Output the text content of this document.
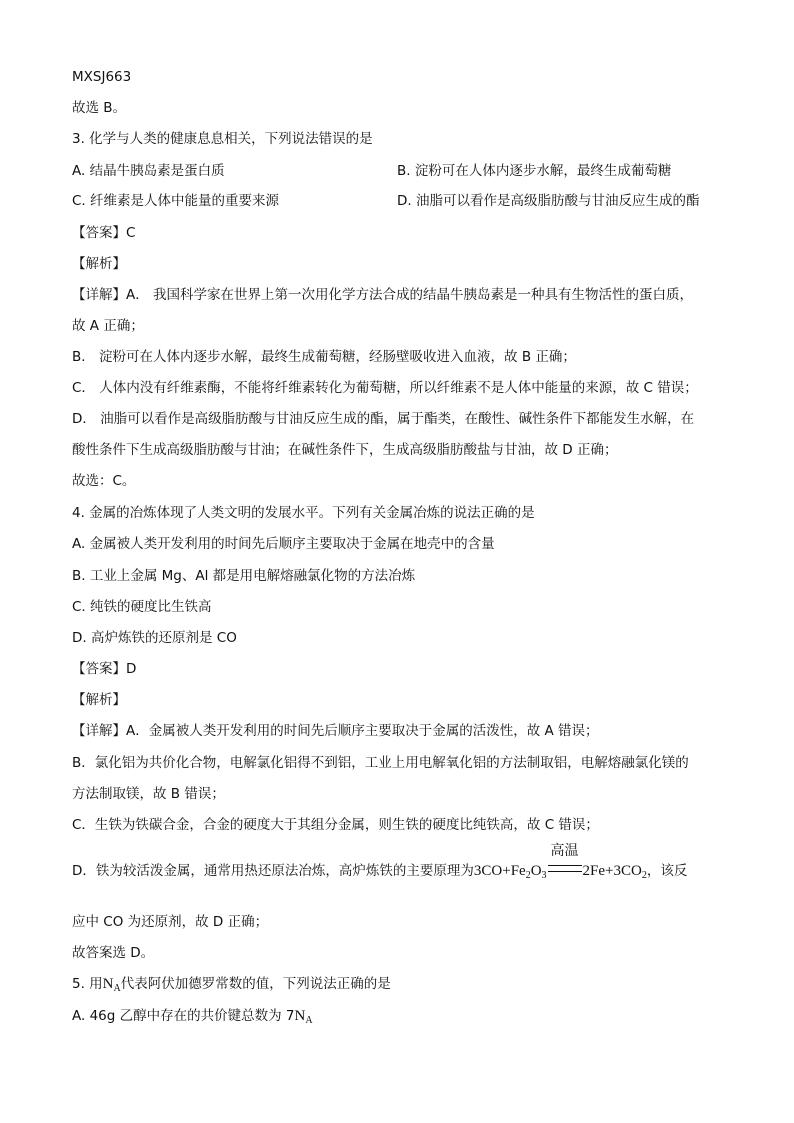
MXSJ663
故选 B。
3. 化学与人类的健康息息相关，下列说法错误的是
A. 结晶牛胰岛素是蛋白质	B. 淀粉可在人体内逐步水解，最终生成葡萄糖
C. 纤维素是人体中能量的重要来源	D. 油脂可以看作是高级脂肪酸与甘油反应生成的酯
【答案】C
【解析】
【详解】A． 我国科学家在世界上第一次用化学方法合成的结晶牛胰岛素是一种具有生物活性的蛋白质，
故 A 正确；
B． 淀粉可在人体内逐步水解，最终生成葡萄糖，经肠壁吸收进入血液，故 B 正确；
C． 人体内没有纤维素酶，不能将纤维素转化为葡萄糖，所以纤维素不是人体中能量的来源，故 C 错误；
D． 油脂可以看作是高级脂肪酸与甘油反应生成的酯，属于酯类，在酸性、碱性条件下都能发生水解，在
酸性条件下生成高级脂肪酸与甘油；在碱性条件下，生成高级脂肪酸盐与甘油，故 D 正确；
故选：C。
4. 金属的冶炼体现了人类文明的发展水平。下列有关金属冶炼的说法正确的是
A. 金属被人类开发利用的时间先后顺序主要取决于金属在地壳中的含量
B. 工业上金属 Mg、Al 都是用电解熔融氯化物的方法冶炼
C. 纯铁的硬度比生铁高
D. 高炉炼铁的还原剂是 CO
【答案】D
【解析】
【详解】A．金属被人类开发利用的时间先后顺序主要取决于金属的活泼性，故 A 错误；
B．氯化铝为共价化合物，电解氯化铝得不到铝，工业上用电解氧化铝的方法制取铝，电解熔融氯化镁的
方法制取镁，故 B 错误；
C．生铁为铁碳合金，合金的硬度大于其组分金属，则生铁的硬度比纯铁高，故 C 错误；
D．铁为较活泼金属，通常用热还原法冶炼，高炉炼铁的主要原理为$3CO+Fe_2O_3$
高温
$2Fe+3CO_2$，该反
应中 CO 为还原剂，故 D 正确；
故答案选 D。
5. 用$N_A$代表阿伏加德罗常数的值，下列说法正确的是
A. 46g 乙醇中存在的共价键总数为 $7N_A$
